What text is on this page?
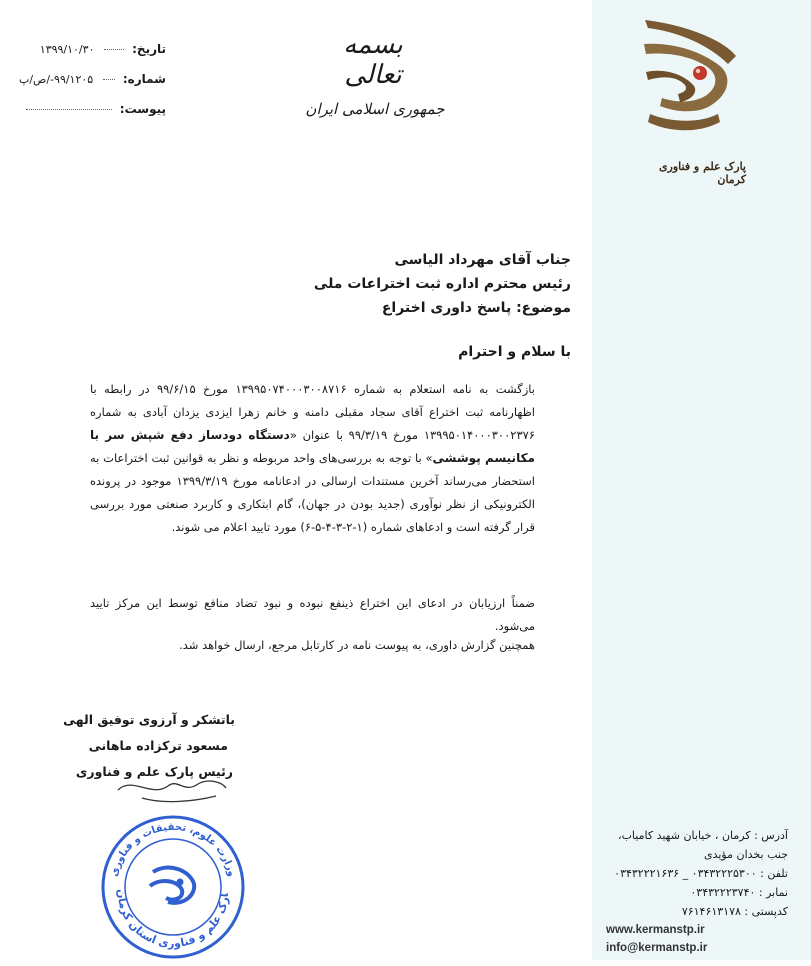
پارک علم و فناوری کرمان
بسمه تعالی
جمهوری اسلامی ایران
تاریخ:  ۱۳۹۹/۱۰/۳۰
شماره:  ۹۹/۱۲۰۵-/ص/پ
پیوست:
جناب آقای مهرداد الیاسی
رئیس محترم اداره ثبت اختراعات ملی
موضوع: پاسخ داوری اختراع
با سلام و احترام
بازگشت به نامه استعلام به شماره ۱۳۹۹۵۰۷۴۰۰۰۳۰۰۸۷۱۶ مورخ ۹۹/۶/۱۵ در رابطه با اظهارنامه ثبت اختراع آقای سجاد مقبلی دامنه و خانم زهرا ایزدی یزدان آبادی به شماره ۱۳۹۹۵۰۱۴۰۰۰۳۰۰۲۳۷۶ مورخ ۹۹/۳/۱۹ با عنوان «دستگاه دودساز دفع شپش سر با مکانیسم پوششی» با توجه به بررسی‌های واحد مربوطه و نظر به قوانین ثبت اختراعات به استحضار می‌رساند آخرین مستندات ارسالی در ادعانامه مورخ ۱۳۹۹/۳/۱۹ موجود در پرونده الکترونیکی از نظر نوآوری (جدید بودن در جهان)، گام ابتکاری و کاربرد صنعتی مورد بررسی قرار گرفته است و ادعاهای شماره (۱-۲-۳-۴-۵-۶) مورد تایید اعلام می شوند.
ضمناً ارزیابان در ادعای این اختراع ذینفع نبوده و نبود تضاد منافع توسط این مرکز تایید می‌شود.
همچنین گزارش داوری، به پیوست نامه در کارتابل مرجع، ارسال خواهد شد.
باتشکر و آرزوی توفیق الهی
مسعود ترکزاده ماهانی
رئیس پارک علم و فناوری
وزارت علوم، تحقیقات و فناوری
ارک علم و فناوری استان کرمان
آدرس : کرمان ، خیابان شهید کامیاب،
جنب بخدان مؤیدی
تلفن : ۰۳۴۳۲۲۲۵۳۰۰ _ ۰۳۴۳۲۲۲۱۶۳۶
نمابر : ۰۳۴۳۲۲۲۳۷۴۰
کدپستی : ۷۶۱۴۶۱۳۱۷۸
www.kermanstp.ir
info@kermanstp.ir
